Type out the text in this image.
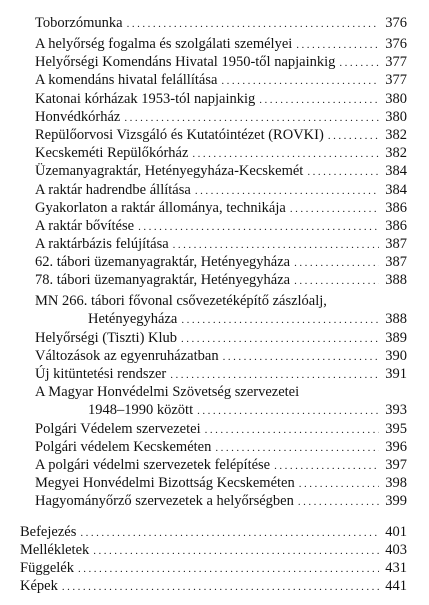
Toborzómunka .....	376
A helyőrség fogalma és szolgálati személyei .....	376
Helyőrségi Komendáns Hivatal 1950-től napjainkig .....	377
A komendáns hivatal felállítása .....	377
Katonai kórházak 1953-tól napjainkig .....	380
Honvédkórház .....	380
Repülőorvosi Vizsgáló és Kutatóintézet (ROVKI) .....	382
Kecskeméti Repülőkórház .....	382
Üzemanyagraktár, Hetényegyháza-Kecskemét .....	384
A raktár hadrendbe állítása .....	384
Gyakorlaton a raktár állománya, technikája .....	386
A raktár bővítése .....	386
A raktárbázis felújítása .....	387
62. tábori üzemanyagraktár, Hetényegyháza .....	387
78. tábori üzemanyagraktár, Hetényegyháza .....	388
MN 266. tábori fővonal csővezetéképítő zászlóalj,
Hetényegyháza .....	388
Helyőrségi (Tiszti) Klub .....	389
Változások az egyenruházatban .....	390
Új kitüntetési rendszer .....	391
A Magyar Honvédelmi Szövetség szervezetei
1948–1990 között .....	393
Polgári Védelem szervezetei .....	395
Polgári védelem Kecskeméten .....	396
A polgári védelmi szervezetek felépítése .....	397
Megyei Honvédelmi Bizottság Kecskeméten .....	398
Hagyományőrző szervezetek a helyőrségben .....	399
Befejezés .....	401
Mellékletek .....	403
Függelék .....	431
Képek .....	441
